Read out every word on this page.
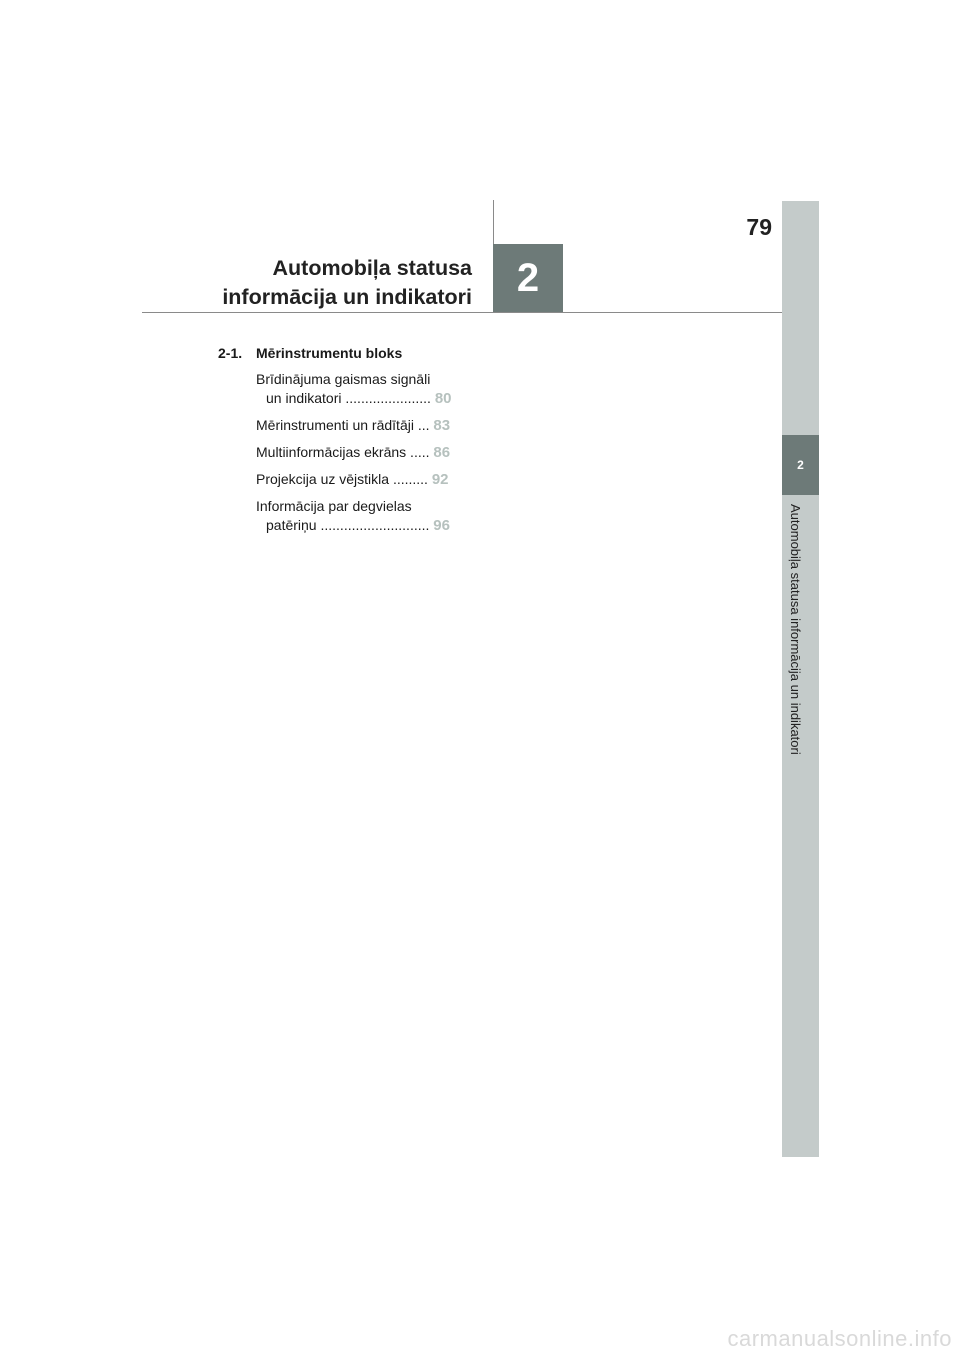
79
Automobiļa statusa
informācija un indikatori	2
2
Automobiļa statusa informācija un indikatori
2-1. Mērinstrumentu bloks
Brīdinājuma gaismas signāli
un indikatori ...................... 80
Mērinstrumenti un rādītāji ... 83
Multiinformācijas ekrāns ..... 86
Projekcija uz vējstikla ......... 92
Informācija par degvielas
patēriņu ............................ 96
carmanualsonline.info
